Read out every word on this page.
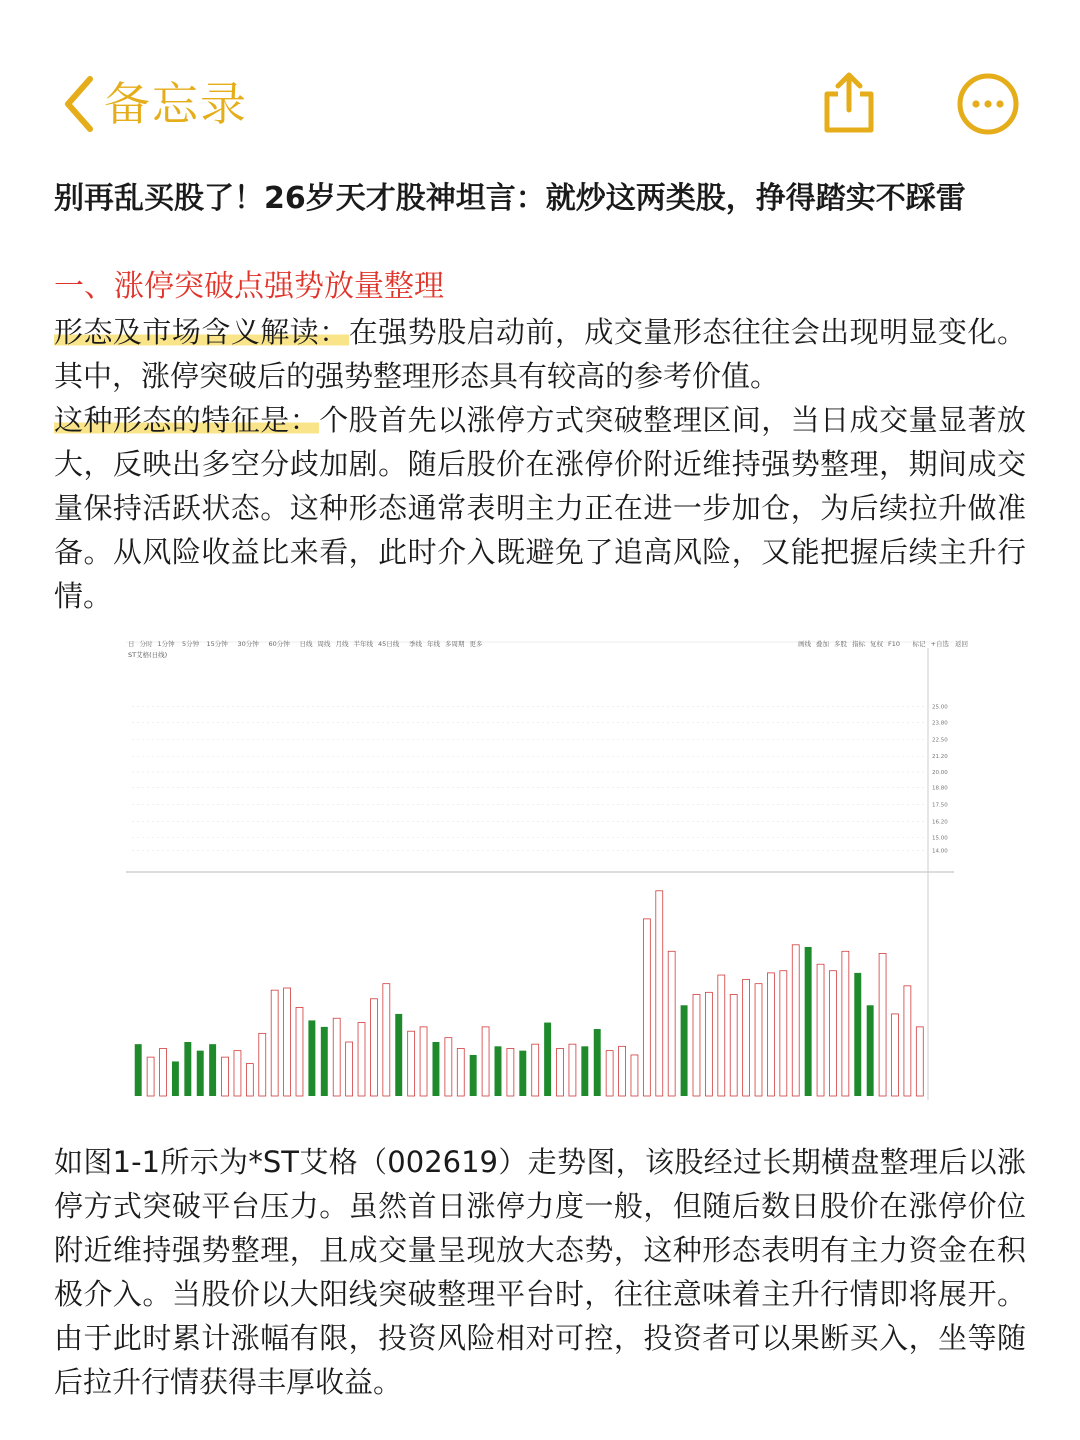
备忘录
别再乱买股了！26岁天才股神坦言：就炒这两类股，挣得踏实不踩雷
一、涨停突破点强势放量整理

形态及市场含义解读：在强势股启动前，成交量形态往往会出现明显变化。其中，涨停突破后的强势整理形态具有较高的参考价值。

这种形态的特征是：个股首先以涨停方式突破整理区间，当日成交量显著放大，反映出多空分歧加剧。随后股价在涨停价附近维持强势整理，期间成交量保持活跃状态。这种形态通常表明主力正在进一步加仓，为后续拉升做准备。从风险收益比来看，此时介入既避免了追高风险，又能把握后续主升行情。

日 分时 1分钟 5分钟 15分钟 30分钟 60分钟 日线 周线 月线 半年线 45日线 季线 年线 多周期 更多	画线 叠加 多股 指标 复权 F10 标记 +自选 返回
ST艾格(日线)
25.00
23.80
22.50
21.20
20.00
18.80
17.50
16.20
15.00
14.00

如图1-1所示为*ST艾格（002619）走势图，该股经过长期横盘整理后以涨停方式突破平台压力。虽然首日涨停力度一般，但随后数日股价在涨停价位附近维持强势整理，且成交量呈现放大态势，这种形态表明有主力资金在积极介入。当股价以大阳线突破整理平台时，往往意味着主升行情即将展开。由于此时累计涨幅有限，投资风险相对可控，投资者可以果断买入，坐等随后拉升行情获得丰厚收益。
